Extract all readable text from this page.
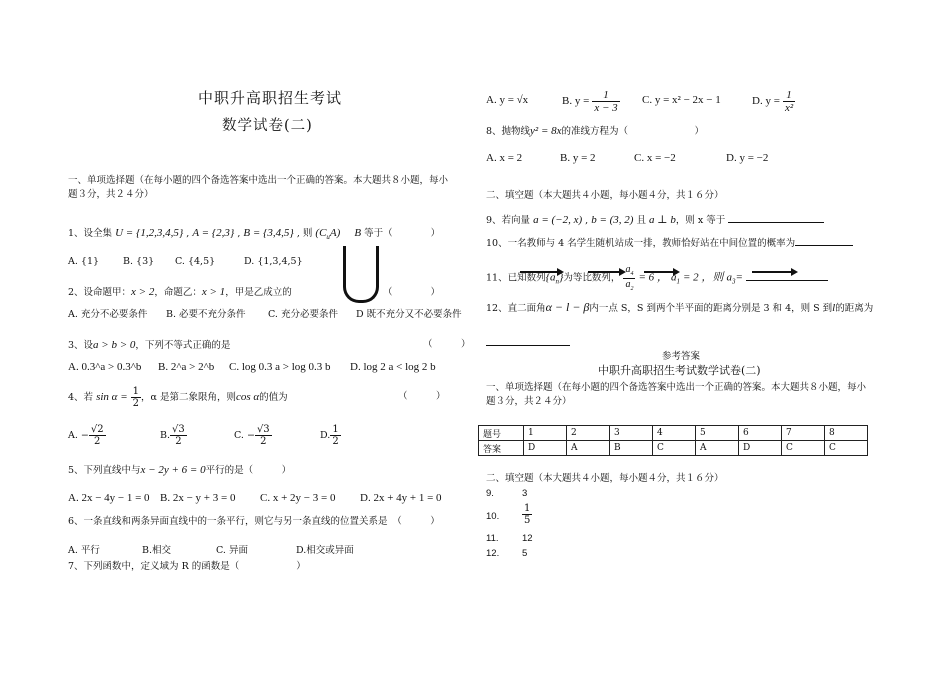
中职升高职招生考试
数学试卷(二)
一、单项选择题（在每小题的四个备选答案中选出一个正确的答案。本大题共８小题，每小
题３分，共２４分）
1、设全集 U = {1,2,3,4,5} , A = {2,3} , B = {3,4,5} , 则 $(C_uA)$ B 等于（　　　　）
A. {1}	B. {3} C. {4,5}	D. {1,3,4,5}
2、设命题甲：x > 2，命题乙：x > 1，甲是乙成立的	（　　　　）
A. 充分不必要条件 B. 必要不充分条件 C. 充分必要条件 D 既不充分又不必要条件
3、设a > b > 0，下列不等式正确的是	（　　　）
A. 0.3^a > 0.3^b B. 2^a > 2^b C. log 0.3 a > log 0.3 b D. log 2 a < log 2 b
4、若 $\sin \alpha = \frac{1}{2}$ ，α 是第二象限角，则cos α的值为	（　　　）
A. − $\frac{√2}{2}$	B. $\frac{√3}{2}$	C. − $\frac{√3}{2}$	D. $\frac{1}{2}$
5、下列直线中与x − 2y + 6 = 0平行的是（　　　）
A. 2x − 4y − 1 = 0 B. 2x − y + 3 = 0 C. x + 2y − 3 = 0 D. 2x + 4y + 1 = 0
6、一条直线和两条异面直线中的一条平行，则它与另一条直线的位置关系是　（　　　）
A. 平行	B.相交	C. 异面	D.相交或异面
7、下列函数中，定义域为 R 的函数是（　　　　　　）
A. y = √x	B. $y = \frac{1}{x - 3} C$. y = x² − 2x − 1	D. $y = \frac{1}{\text{x²}}$
8、抛物线y² = 8x的准线方程为（　　　　　　　）
A. x = 2	B. y = 2	C. x = −2	D. y = −2
二、填空题（本大题共４小题，每小题４分，共１６分）
9、若向量 a = (−2, x) , b = (3, 2) 且 a ⊥ b，则 x 等于
10、一名教师与 4 名学生随机站成一排，教师恰好站在中间位置的概率为
11、已知数列$\{a_n\}$为等比数列， $\frac{a_4}{a_2} = 6$ ， $a_1 = 2$ ，则 $a_3=$
12、直二面角α − l − β内一点 S，S 到两个半平面的距离分别是 3 和 4，则 S 到l的距离为
参考答案
中职升高职招生考试数学试卷(二)
一、单项选择题（在每小题的四个备选答案中选出一个正确的答案。本大题共８小题，每小
题３分，共２４分）
题号	1	2	3	4	5	6	7	8
答案	D	A	B	C	A	D	C	C
二、填空题（本大题共４小题，每小题４分，共１６分）
9.	3
10. $\frac{1}{5}$
11. 12
12. 5
